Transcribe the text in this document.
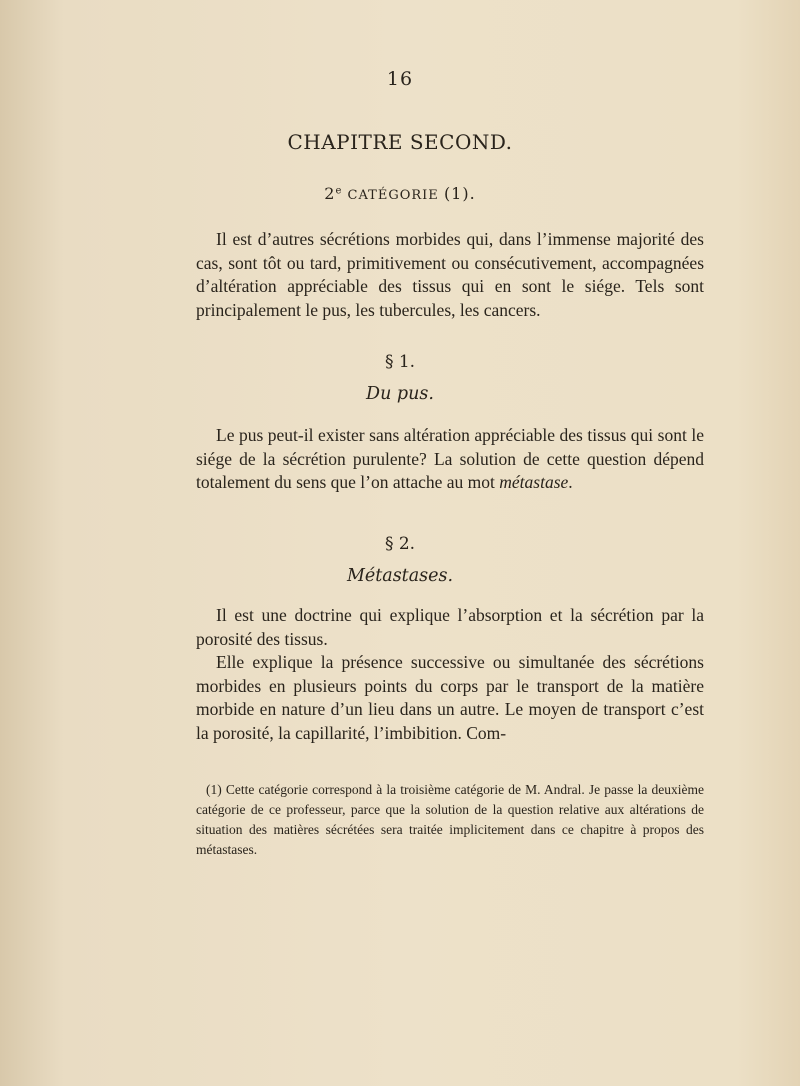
16
CHAPITRE SECOND.
2e CATÉGORIE (1).

Il est d’autres sécrétions morbides qui, dans l’immense majorité des cas, sont tôt ou tard, primitivement ou consécutivement, accompagnées d’altération appréciable des tissus qui en sont le siége. Tels sont principalement le pus, les tubercules, les cancers.

§ 1.
Du pus.

Le pus peut-il exister sans altération appréciable des tissus qui sont le siége de la sécrétion purulente? La solution de cette question dépend totalement du sens que l’on attache au mot métastase.

§ 2.
Métastases.

Il est une doctrine qui explique l’absorption et la sécrétion par la porosité des tissus.

Elle explique la présence successive ou simultanée des sécrétions morbides en plusieurs points du corps par le transport de la matière morbide en nature d’un lieu dans un autre. Le moyen de transport c’est la porosité, la capillarité, l’imbibition. Com-

(1) Cette catégorie correspond à la troisième catégorie de M. Andral. Je passe la deuxième catégorie de ce professeur, parce que la solution de la question relative aux altérations de situation des matières sécrétées sera traitée implicitement dans ce chapitre à propos des métastases.
